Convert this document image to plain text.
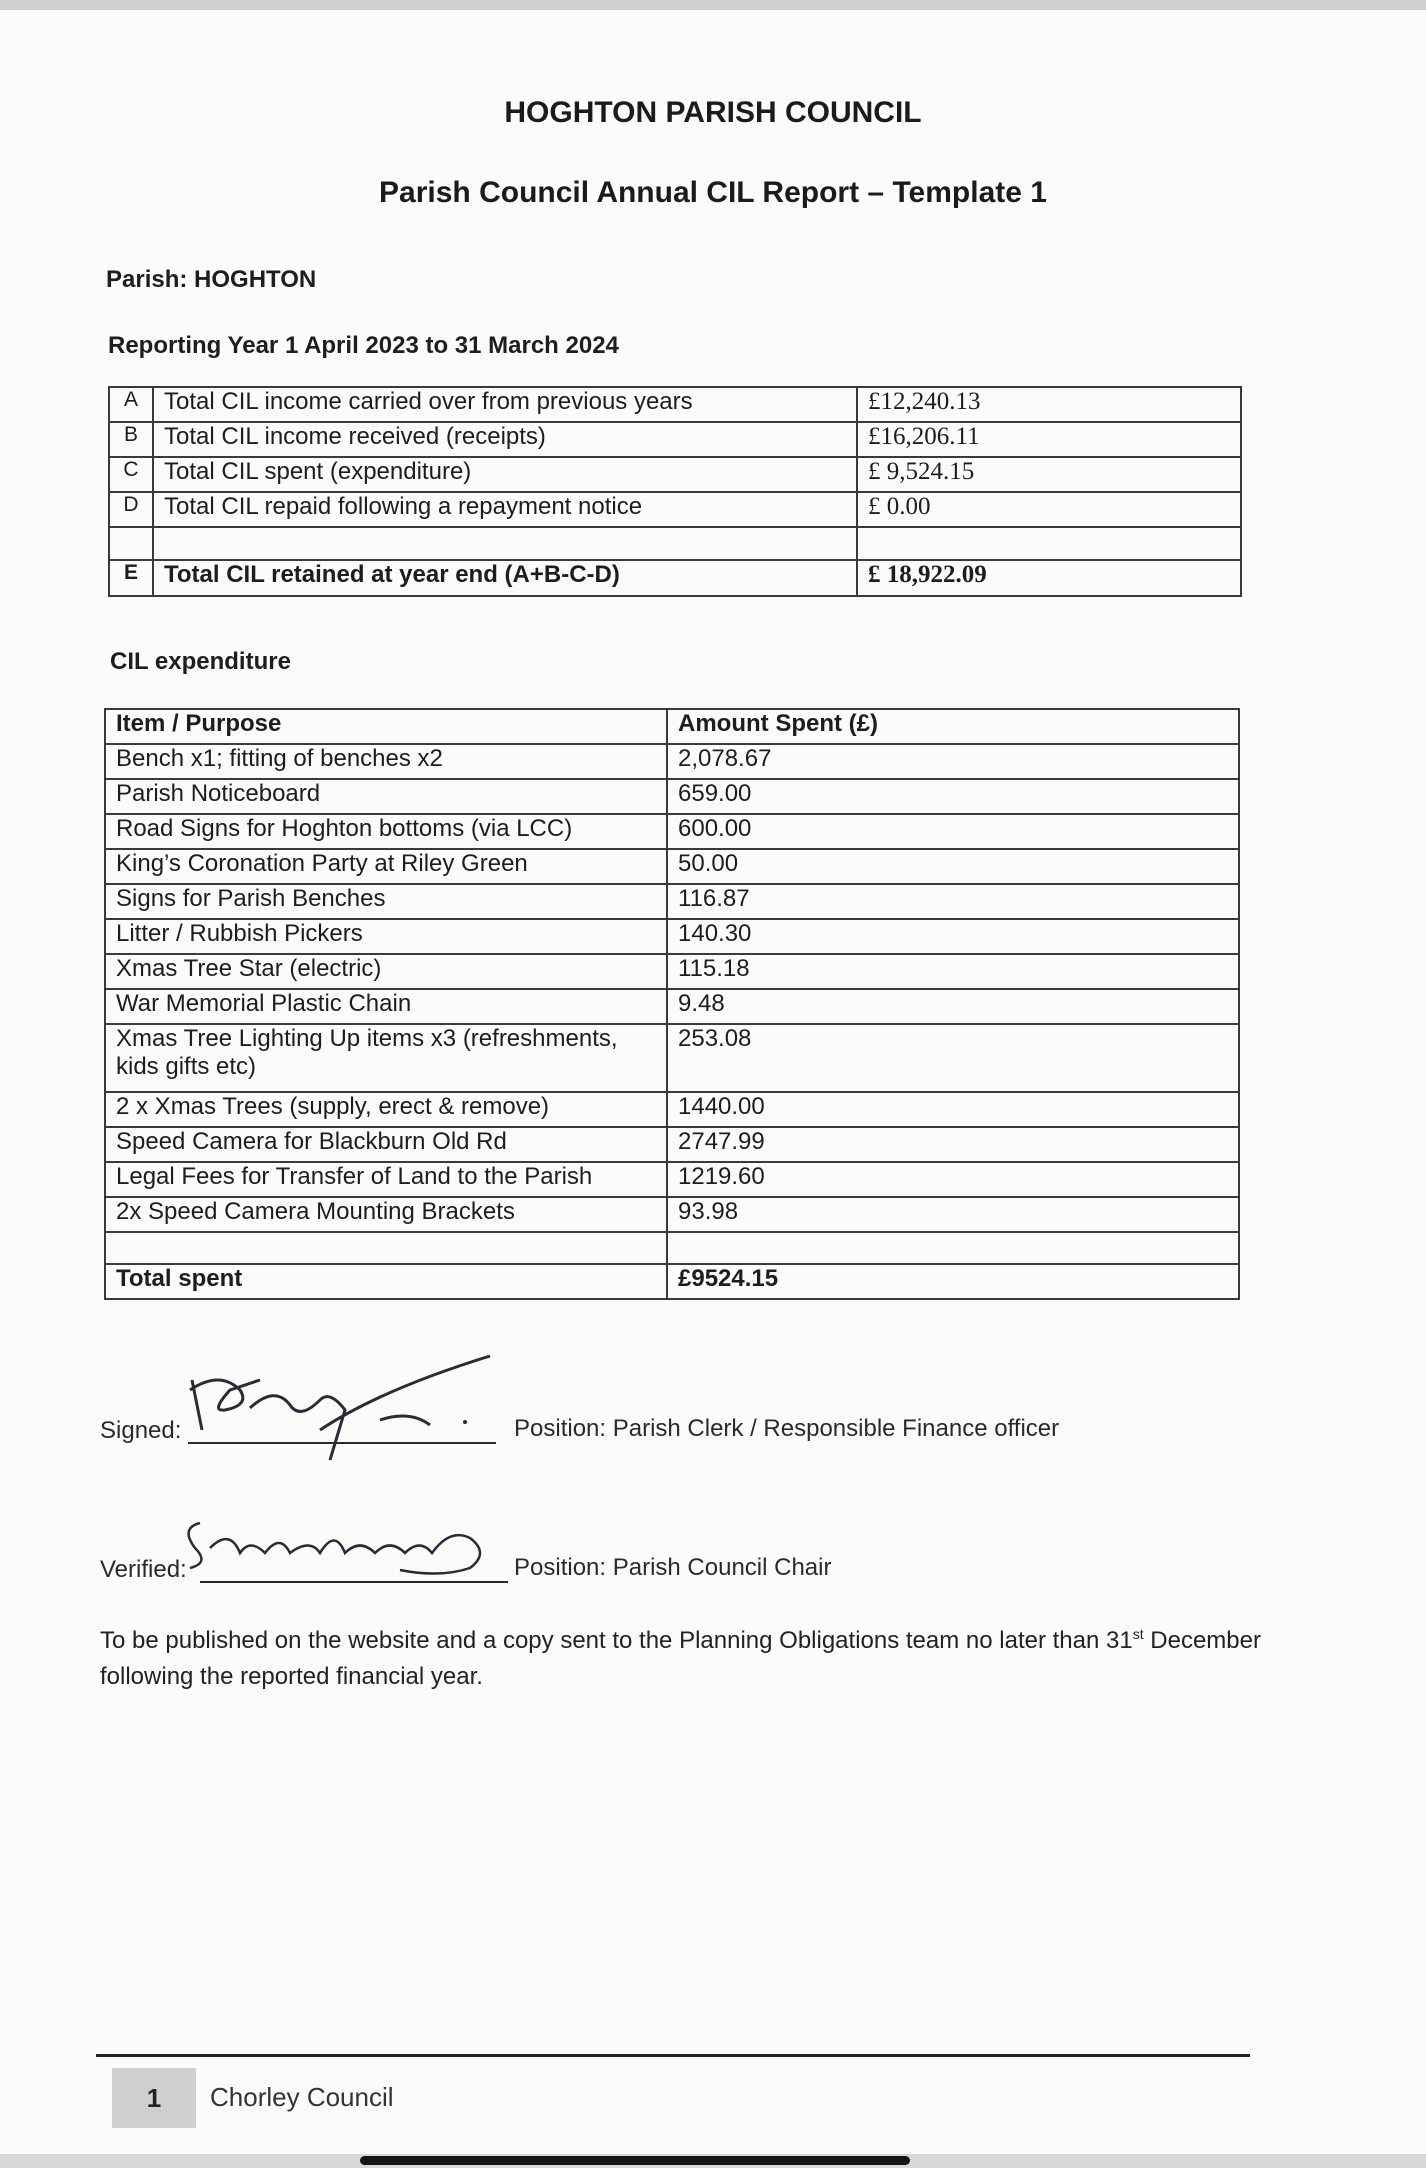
HOGHTON PARISH COUNCIL
Parish Council Annual CIL Report – Template 1
Parish: HOGHTON
Reporting Year 1 April 2023 to 31 March 2024
A	Total CIL income carried over from previous years	£12,240.13
B	Total CIL income received (receipts)	£16,206.11
C	Total CIL spent (expenditure)	£ 9,524.15
D	Total CIL repaid following a repayment notice	£ 0.00

E	Total CIL retained at year end (A+B-C-D)	£ 18,922.09
CIL expenditure
Item / Purpose	Amount Spent (£)
Bench x1; fitting of benches x2	2,078.67
Parish Noticeboard	659.00
Road Signs for Hoghton bottoms (via LCC)	600.00
King’s Coronation Party at Riley Green	50.00
Signs for Parish Benches	116.87
Litter / Rubbish Pickers	140.30
Xmas Tree Star (electric)	115.18
War Memorial Plastic Chain	9.48
Xmas Tree Lighting Up items x3 (refreshments, kids gifts etc)	253.08
2 x Xmas Trees (supply, erect & remove)	1440.00
Speed Camera for Blackburn Old Rd	2747.99
Legal Fees for Transfer of Land to the Parish	1219.60
2x Speed Camera Mounting Brackets	93.98

Total spent	£9524.15
Signed:	Position: Parish Clerk / Responsible Finance officer
Verified:	Position: Parish Council Chair
To be published on the website and a copy sent to the Planning Obligations team no later than 31st December following the reported financial year.
1	Chorley Council
